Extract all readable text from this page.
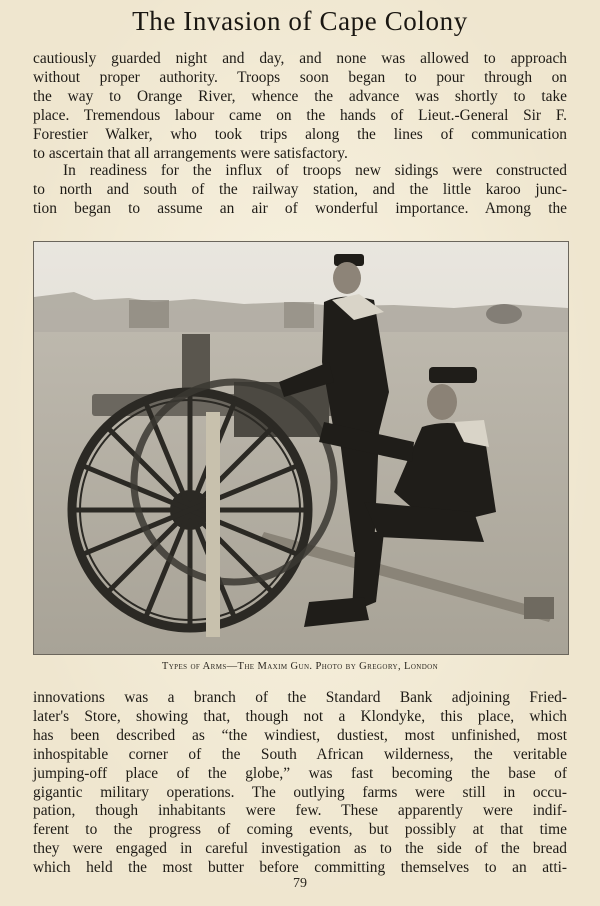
The Invasion of Cape Colony
cautiously guarded night and day, and none was allowed to approach
without proper authority. Troops soon began to pour through on
the way to Orange River, whence the advance was shortly to take
place. Tremendous labour came on the hands of Lieut.-General Sir F.
Forestier Walker, who took trips along the lines of communication
to ascertain that all arrangements were satisfactory.
In readiness for the influx of troops new sidings were constructed
to north and south of the railway station, and the little karoo junc-
tion began to assume an air of wonderful importance. Among the
Types of Arms—The Maxim Gun. Photo by Gregory, London
innovations was a branch of the Standard Bank adjoining Fried-
later's Store, showing that, though not a Klondyke, this place, which
has been described as “the windiest, dustiest, most unfinished, most
inhospitable corner of the South African wilderness, the veritable
jumping-off place of the globe,” was fast becoming the base of
gigantic military operations. The outlying farms were still in occu-
pation, though inhabitants were few. These apparently were indif-
ferent to the progress of coming events, but possibly at that time
they were engaged in careful investigation as to the side of the bread
which held the most butter before committing themselves to an atti-
79
